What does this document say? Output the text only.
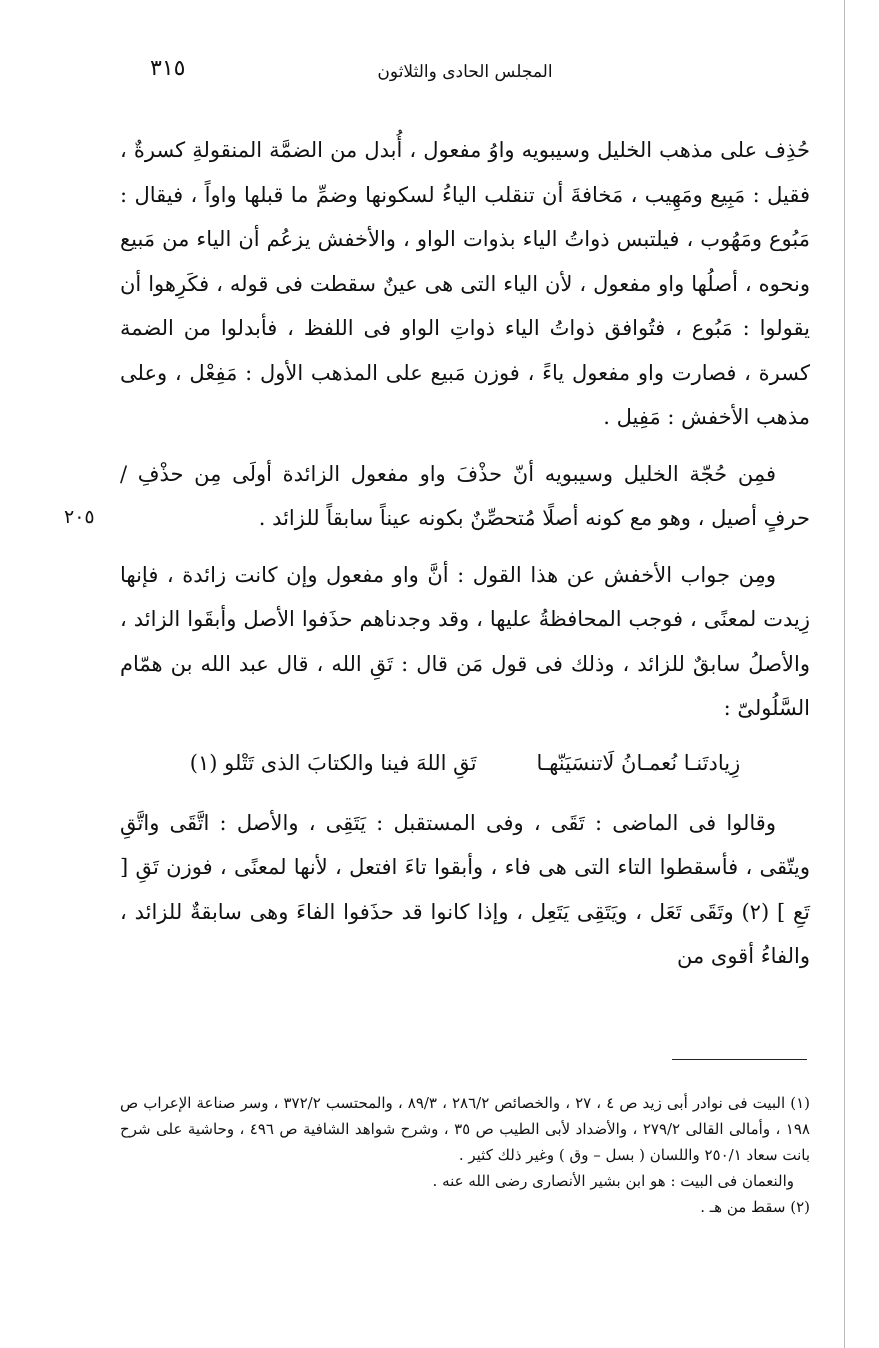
المجلس الحادى والثلاثون
٣١٥
٢٠٥

حُذِف على مذهب الخليل وسيبويه واوُ مفعول ، أُبدل من الضمَّة المنقولةِ كسرةٌ ، فقيل : مَبِيع ومَهِيب ، مَخافةَ أن تنقلب الياءُ لسكونها وضمِّ ما قبلها واواً ، فيقال : مَبُوع ومَهُوب ، فيلتبس ذواتُ الياء بذوات الواو ، والأخفش يزعُم أن الياء من مَبيع ونحوه ، أصلُها واو مفعول ، لأن الياء التى هى عينٌ سقطت فى قوله ، فكَرِهوا أن يقولوا : مَبُوع ، فتُوافق ذواتُ الياء ذواتِ الواو فى اللفظ ، فأبدلوا من الضمة كسرة ، فصارت واو مفعول ياءً ، فوزن مَبيع على المذهب الأول : مَفِعْل ، وعلى مذهب الأخفش : مَفِيل .

فمِن حُجّة الخليل وسيبويه أنّ حذْفَ واو مفعول الزائدة أولَى مِن حذْفِ / حرفٍ أصيل ، وهو مع كونه أصلًا مُتحصِّنٌ بكونه عيناً سابقاً للزائد .

ومِن جواب الأخفش عن هذا القول : أنَّ واو مفعول وإن كانت زائدة ، فإنها زِيدت لمعنًى ، فوجب المحافظةُ عليها ، وقد وجدناهم حذَفوا الأصل وأبقَوا الزائد ، والأصلُ سابقٌ للزائد ، وذلك فى قول مَن قال : تَقِ الله ، قال عبد الله بن همّام السَّلُولىّ :

زِيادتَنـا نُعمـانُ لَاتنسَيَنّهـا
تَقِ اللهَ فينا والكتابَ الذى تَتْلو (١)

وقالوا فى الماضى : تَقَى ، وفى المستقبل : يَتَقِى ، والأصل : اتَّقَى واتَّقِ ويتّقى ، فأسقطوا التاء التى هى فاء ، وأبقوا تاءَ افتعل ، لأنها لمعنًى ، فوزن تَقِ [ تَعِ ] (٢) وتَقَى تَعَل ، ويَتَقِى يَتَعِل ، وإذا كانوا قد حذَفوا الفاءَ وهى سابقةٌ للزائد ، والفاءُ أقوى من

(١) البيت فى نوادر أبى زيد ص ٤ ، ٢٧ ، والخصائص ٢٨٦/٢ ، ٨٩/٣ ، والمحتسب ٣٧٢/٢ ، وسر صناعة الإعراب ص ١٩٨ ، وأمالى القالى ٢٧٩/٢ ، والأضداد لأبى الطيب ص ٣٥ ، وشرح شواهد الشافية ص ٤٩٦ ، وحاشية على شرح بانت سعاد ٢٥٠/١ واللسان ( بسل – وق ) وغير ذلك كثير .

والنعمان فى البيت : هو ابن بشير الأنصارى رضى الله عنه .

(٢) سقط من هـ .
